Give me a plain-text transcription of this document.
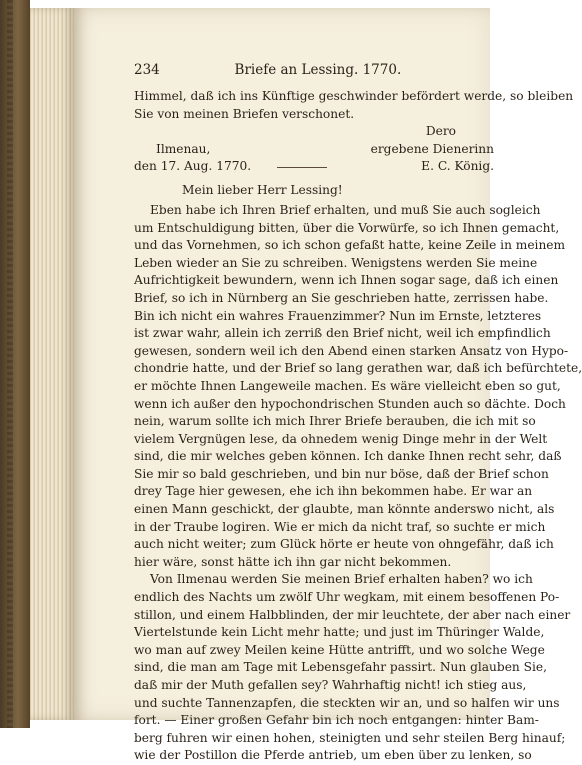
234	Briefe an Lessing. 1770.
Himmel, daß ich ins Künftige geschwinder befördert werde, so bleiben
Sie von meinen Briefen verschonet.
Dero
Ilmenau,	ergebene Dienerinn
den 17. Aug. 1770.	E. C. König.
Mein lieber Herr Lessing!
Eben habe ich Ihren Brief erhalten, und muß Sie auch sogleich
um Entschuldigung bitten, über die Vorwürfe, so ich Ihnen gemacht,
und das Vornehmen, so ich schon gefaßt hatte, keine Zeile in meinem
Leben wieder an Sie zu schreiben. Wenigstens werden Sie meine
Aufrichtigkeit bewundern, wenn ich Ihnen sogar sage, daß ich einen
Brief, so ich in Nürnberg an Sie geschrieben hatte, zerrissen habe.
Bin ich nicht ein wahres Frauenzimmer? Nun im Ernste, letzteres
ist zwar wahr, allein ich zerriß den Brief nicht, weil ich empfindlich
gewesen, sondern weil ich den Abend einen starken Ansatz von Hypo-
chondrie hatte, und der Brief so lang gerathen war, daß ich befürchtete,
er möchte Ihnen Langeweile machen. Es wäre vielleicht eben so gut,
wenn ich außer den hypochondrischen Stunden auch so dächte. Doch
nein, warum sollte ich mich Ihrer Briefe berauben, die ich mit so
vielem Vergnügen lese, da ohnedem wenig Dinge mehr in der Welt
sind, die mir welches geben können. Ich danke Ihnen recht sehr, daß
Sie mir so bald geschrieben, und bin nur böse, daß der Brief schon
drey Tage hier gewesen, ehe ich ihn bekommen habe. Er war an
einen Mann geschickt, der glaubte, man könnte anderswo nicht, als
in der Traube logiren. Wie er mich da nicht traf, so suchte er mich
auch nicht weiter; zum Glück hörte er heute von ohngefähr, daß ich
hier wäre, sonst hätte ich ihn gar nicht bekommen.
Von Ilmenau werden Sie meinen Brief erhalten haben? wo ich
endlich des Nachts um zwölf Uhr wegkam, mit einem besoffenen Po-
stillon, und einem Halbblinden, der mir leuchtete, der aber nach einer
Viertelstunde kein Licht mehr hatte; und just im Thüringer Walde,
wo man auf zwey Meilen keine Hütte antrifft, und wo solche Wege
sind, die man am Tage mit Lebensgefahr passirt. Nun glauben Sie,
daß mir der Muth gefallen sey? Wahrhaftig nicht! ich stieg aus,
und suchte Tannenzapfen, die steckten wir an, und so halfen wir uns
fort. — Einer großen Gefahr bin ich noch entgangen: hinter Bam-
berg fuhren wir einen hohen, steinigten und sehr steilen Berg hinauf;
wie der Postillon die Pferde antrieb, um eben über zu lenken, so
